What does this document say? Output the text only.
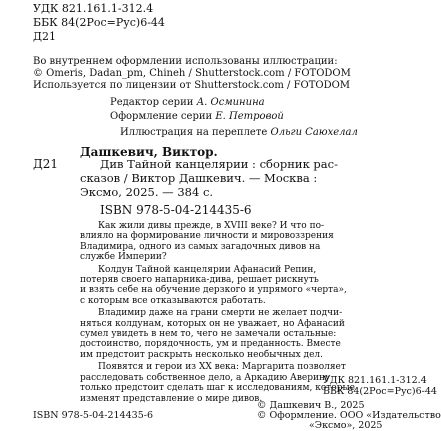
УДК 821.161.1-312.4
ББК 84(2Рос=Рус)6-44
Д21
Во внутреннем оформлении использованы иллюстрации:
© Omeris, Dadan_pm, Chineh / Shutterstock.com / FOTODOM
Используется по лицензии от Shutterstock.com / FOTODOM
Редактор серии А. Осминина
Оформление серии Е. Петровой
Иллюстрация на переплете Ольги Саюхелал
Дашкевич, Виктор.
Д21	Див Тайной канцелярии : сборник рас-
сказов / Виктор Дашкевич. — Москва :
Эксмо, 2025. — 384 с.
ISBN 978-5-04-214435-6

Как жили дивы прежде, в XVIII веке? И что по-
влияло на формирование личности и мировоззрения
Владимира, одного из самых загадочных дивов на
службе Империи?

Колдун Тайной канцелярии Афанасий Репин,
потеряв своего напарника-дива, решает рискнуть
и взять себе на обучение дерзкого и упрямого «черта»,
с которым все отказываются работать.

Владимир даже на грани смерти не желает подчи-
няться колдунам, которых он не уважает, но Афанасий
сумел увидеть в нем то, чего не замечали остальные:
достоинство, порядочность, ум и преданность. Вместе
им предстоит раскрыть несколько необычных дел.

Появятся и герои из XX века: Маргарита позволяет
расследовать собственное дело, а Аркадию Аверину
только предстоит сделать шаг к исследованиям, которые
изменят представление о мире дивов.

УДК 821.161.1-312.4
ББК 84(2Рос=Рус)6-44
© Дашкевич В., 2025
© Оформление. ООО «Издательство
«Эксмо», 2025
ISBN 978-5-04-214435-6
